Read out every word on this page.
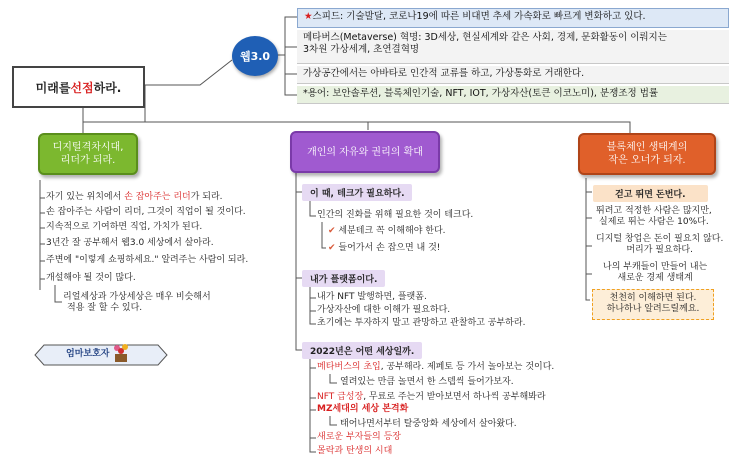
미래를 선점 하라.
웹3.0
★스피드: 기술발달, 코로나19에 따른 비대면 추세 가속화로 빠르게 변화하고 있다.
메타버스(Metaverse) 혁명: 3D세상, 현실세계와 같은 사회, 경제, 문화활동이 이뤄지는
3차원 가상세계, 초연결혁명
가상공간에서는 아바타로 인간적 교류를 하고, 가상통화로 거래한다.
*용어: 보안솔루션, 블록체인기술, NFT, IOT, 가상자산(토큰 이코노미), 분쟁조정 법률
디지털격차시대,
리더가 되라.
자기 있는 위치에서 손 잡아주는 리더가 되라.
손 잡아주는 사람이 리더, 그것이 직업이 될 것이다.
지속적으로 기여하면 직업, 가치가 된다.
3년간 잘 공부해서 웹3.0 세상에서 살아라.
주변에 "이렇게 쇼핑하세요." 알려주는 사람이 되라.
개설해야 될 것이 많다.
리얼세상과 가상세상은 매우 비슷해서
적용 잘 할 수 있다.
엄마보호자
개인의 자유와 권리의 확대
이 때, 테크가 필요하다.
인간의 진화를 위해 필요한 것이 테크다.
✔ 세분테크 꼭 이해해야 한다.
✔ 들어가서 손 잡으면 내 것!
내가 플랫폼이다.
내가 NFT 발행하면, 플랫폼.
가상자산에 대한 이해가 필요하다.
초기에는 투자하지 말고 관망하고 관찰하고 공부하라.
2022년은 어떤 세상일까.
메타버스의 초입, 공부해라. 제페토 등 가서 놀아보는 것이다.
열려있는 만큼 놀면서 한 스텝씩 들어가보자.
NFT 급성장, 무료로 주는거 받아보면서 하나씩 공부해봐라
MZ세대의 세상 본격화
태어나면서부터 탈중앙화 세상에서 살아왔다.
새로운 부자들의 등장
몰락과 탄생의 시대
블록체인 생태계의
작은 오너가 되자.
걷고 뛰면 돈번다.
뛰려고 적정한 사람은 많지만,
실제로 뛰는 사람은 10%다.
디지털 창업은 돈이 필요치 않다.
머리가 필요하다.
나의 부캐들이 만들어 내는
새로운 경제 생태계
천천히 이해하면 된다.
하나하나 알려드릴께요.
